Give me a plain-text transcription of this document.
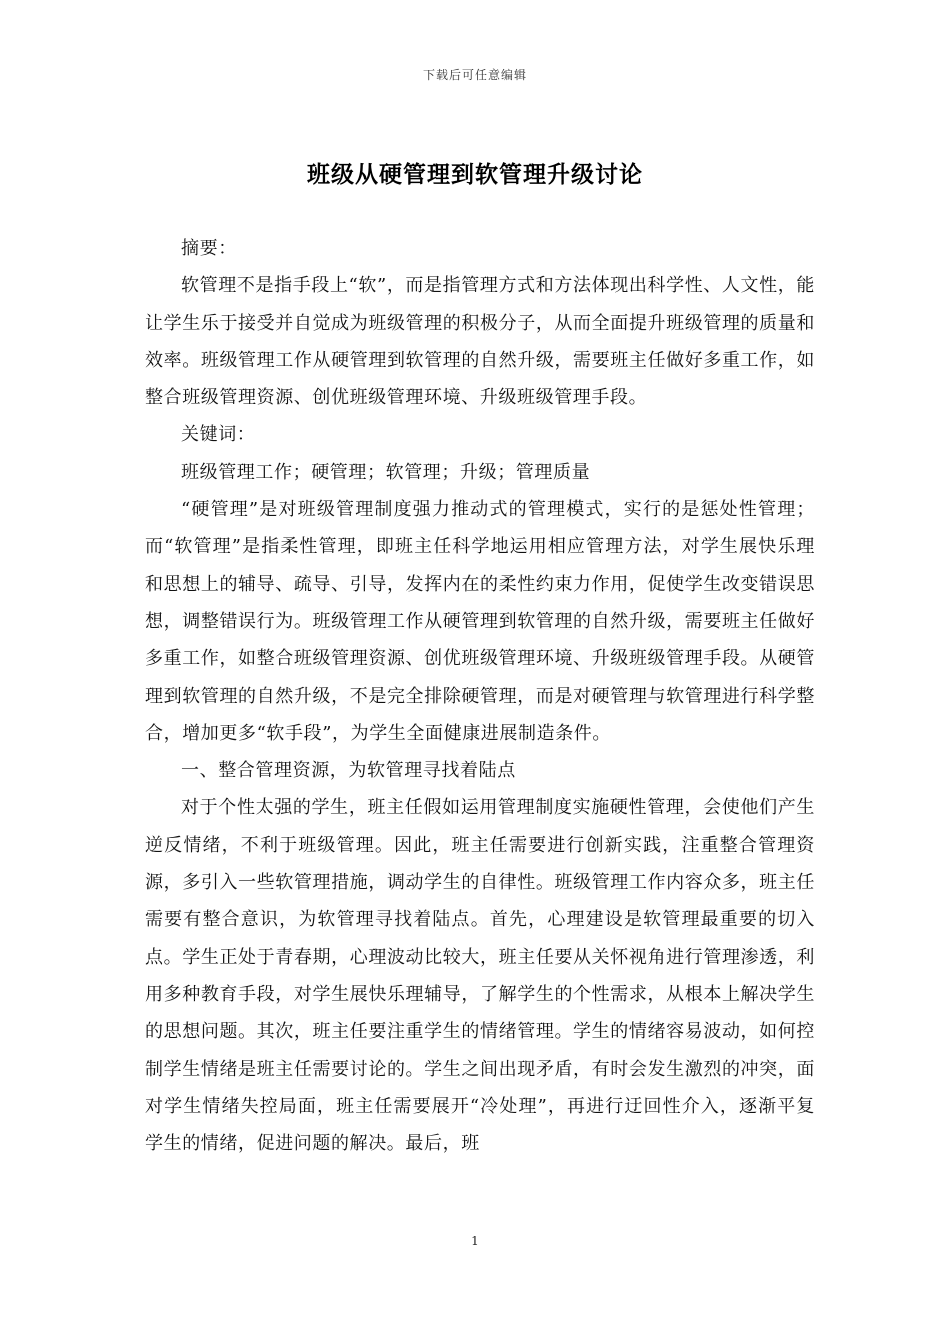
下载后可任意编辑
班级从硬管理到软管理升级讨论

摘要：

软管理不是指手段上“软”，而是指管理方式和方法体现出科学性、人文性，能让学生乐于接受并自觉成为班级管理的积极分子，从而全面提升班级管理的质量和效率。班级管理工作从硬管理到软管理的自然升级，需要班主任做好多重工作，如整合班级管理资源、创优班级管理环境、升级班级管理手段。

关键词：

班级管理工作；硬管理；软管理；升级；管理质量

“硬管理”是对班级管理制度强力推动式的管理模式，实行的是惩处性管理；而“软管理”是指柔性管理，即班主任科学地运用相应管理方法，对学生展快乐理和思想上的辅导、疏导、引导，发挥内在的柔性约束力作用，促使学生改变错误思想，调整错误行为。班级管理工作从硬管理到软管理的自然升级，需要班主任做好多重工作，如整合班级管理资源、创优班级管理环境、升级班级管理手段。从硬管理到软管理的自然升级，不是完全排除硬管理，而是对硬管理与软管理进行科学整合，增加更多“软手段”，为学生全面健康进展制造条件。

一、整合管理资源，为软管理寻找着陆点

对于个性太强的学生，班主任假如运用管理制度实施硬性管理，会使他们产生逆反情绪，不利于班级管理。因此，班主任需要进行创新实践，注重整合管理资源，多引入一些软管理措施，调动学生的自律性。班级管理工作内容众多，班主任需要有整合意识，为软管理寻找着陆点。首先，心理建设是软管理最重要的切入点。学生正处于青春期，心理波动比较大，班主任要从关怀视角进行管理渗透，利用多种教育手段，对学生展快乐理辅导，了解学生的个性需求，从根本上解决学生的思想问题。其次，班主任要注重学生的情绪管理。学生的情绪容易波动，如何控制学生情绪是班主任需要讨论的。学生之间出现矛盾，有时会发生激烈的冲突，面对学生情绪失控局面，班主任需要展开“冷处理”，再进行迂回性介入，逐渐平复学生的情绪，促进问题的解决。最后，班

1
